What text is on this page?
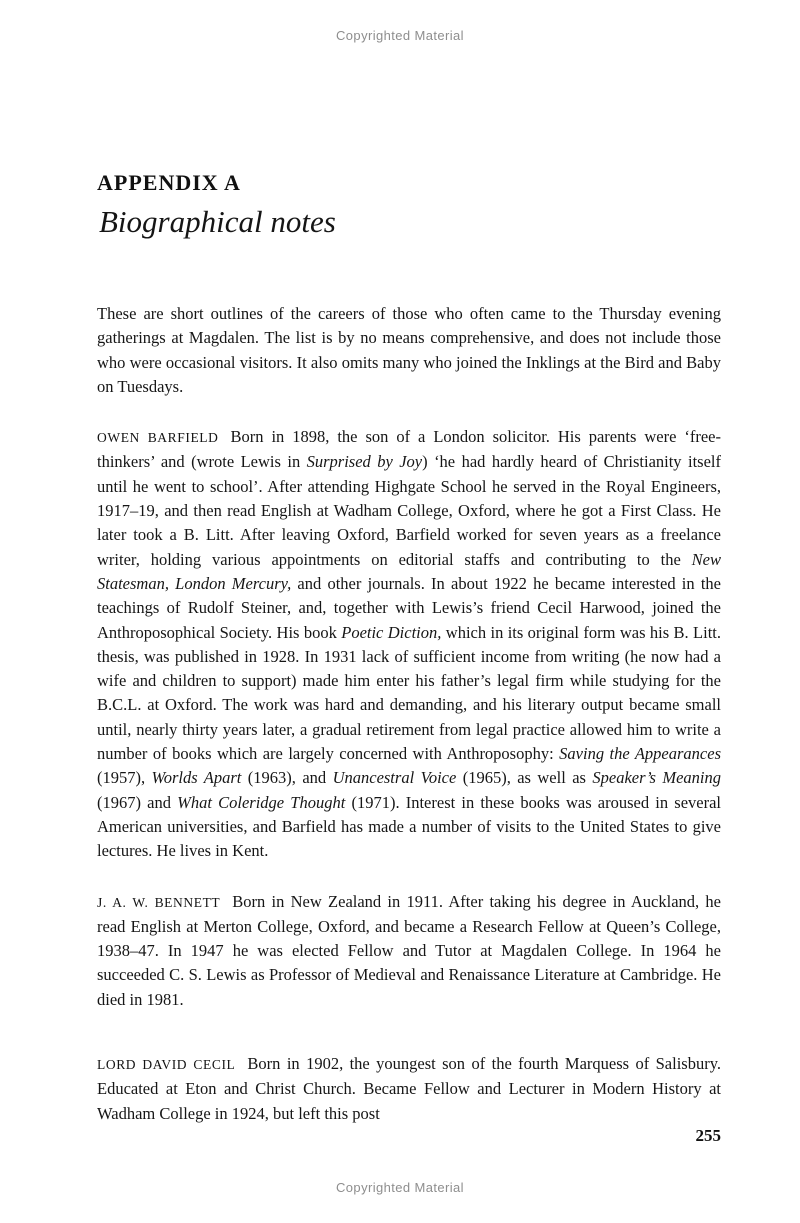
Copyrighted Material
APPENDIX A
Biographical notes

These are short outlines of the careers of those who often came to the Thursday evening gatherings at Magdalen. The list is by no means comprehensive, and does not include those who were occasional visitors. It also omits many who joined the Inklings at the Bird and Baby on Tuesdays.

OWEN BARFIELD Born in 1898, the son of a London solicitor. His parents were ‘free-thinkers’ and (wrote Lewis in Surprised by Joy) ‘he had hardly heard of Christianity itself until he went to school’. After attending Highgate School he served in the Royal Engineers, 1917–19, and then read English at Wadham College, Oxford, where he got a First Class. He later took a B. Litt. After leaving Oxford, Barfield worked for seven years as a freelance writer, holding various appointments on editorial staffs and contributing to the New Statesman, London Mercury, and other journals. In about 1922 he became interested in the teachings of Rudolf Steiner, and, together with Lewis’s friend Cecil Harwood, joined the Anthroposophical Society. His book Poetic Diction, which in its original form was his B. Litt. thesis, was published in 1928. In 1931 lack of sufficient income from writing (he now had a wife and children to support) made him enter his father’s legal firm while studying for the B.C.L. at Oxford. The work was hard and demanding, and his literary output became small until, nearly thirty years later, a gradual retirement from legal practice allowed him to write a number of books which are largely concerned with Anthroposophy: Saving the Appearances (1957), Worlds Apart (1963), and Unancestral Voice (1965), as well as Speaker’s Meaning (1967) and What Coleridge Thought (1971). Interest in these books was aroused in several American universities, and Barfield has made a number of visits to the United States to give lectures. He lives in Kent.

J. A. W. BENNETT Born in New Zealand in 1911. After taking his degree in Auckland, he read English at Merton College, Oxford, and became a Research Fellow at Queen’s College, 1938–47. In 1947 he was elected Fellow and Tutor at Magdalen College. In 1964 he succeeded C. S. Lewis as Professor of Medieval and Renaissance Literature at Cambridge. He died in 1981.

LORD DAVID CECIL Born in 1902, the youngest son of the fourth Marquess of Salisbury. Educated at Eton and Christ Church. Became Fellow and Lecturer in Modern History at Wadham College in 1924, but left this post

255
Copyrighted Material
